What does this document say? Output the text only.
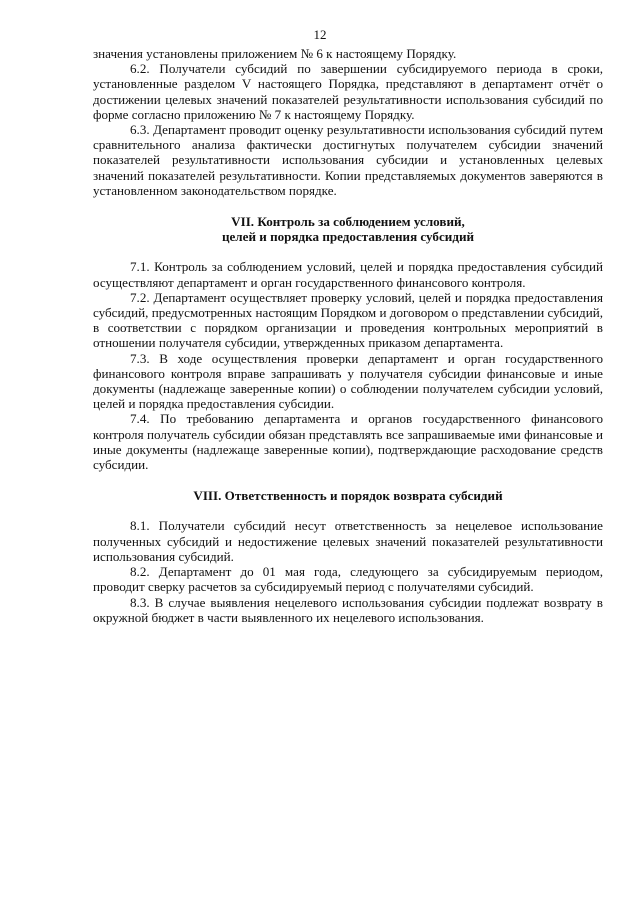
12

значения установлены приложением № 6 к настоящему Порядку.

6.2. Получатели субсидий по завершении субсидируемого периода в сроки, установленные разделом V настоящего Порядка, представляют в департамент отчёт о достижении целевых значений показателей результативности использования субсидий по форме согласно приложению № 7 к настоящему Порядку.

6.3. Департамент проводит оценку результативности использования субсидий путем сравнительного анализа фактически достигнутых получателем субсидии значений показателей результативности использования субсидии и установленных целевых значений показателей результативности. Копии представляемых документов заверяются в установленном законодательством порядке.

VII. Контроль за соблюдением условий,
целей и порядка предоставления субсидий

7.1. Контроль за соблюдением условий, целей и порядка предоставления субсидий осуществляют департамент и орган государственного финансового контроля.

7.2. Департамент осуществляет проверку условий, целей и порядка предоставления субсидий, предусмотренных настоящим Порядком и договором о представлении субсидий, в соответствии с порядком организации и проведения контрольных мероприятий в отношении получателя субсидии, утвержденных приказом департамента.

7.3. В ходе осуществления проверки департамент и орган государственного финансового контроля вправе запрашивать у получателя субсидии финансовые и иные документы (надлежаще заверенные копии) о соблюдении получателем субсидии условий, целей и порядка предоставления субсидии.

7.4. По требованию департамента и органов государственного финансового контроля получатель субсидии обязан представлять все запрашиваемые ими финансовые и иные документы (надлежаще заверенные копии), подтверждающие расходование средств субсидии.

VIII. Ответственность и порядок возврата субсидий

8.1. Получатели субсидий несут ответственность за нецелевое использование полученных субсидий и недостижение целевых значений показателей результативности использования субсидий.

8.2. Департамент до 01 мая года, следующего за субсидируемым периодом, проводит сверку расчетов за субсидируемый период с получателями субсидий.

8.3. В случае выявления нецелевого использования субсидии подлежат возврату в окружной бюджет в части выявленного их нецелевого использования.
